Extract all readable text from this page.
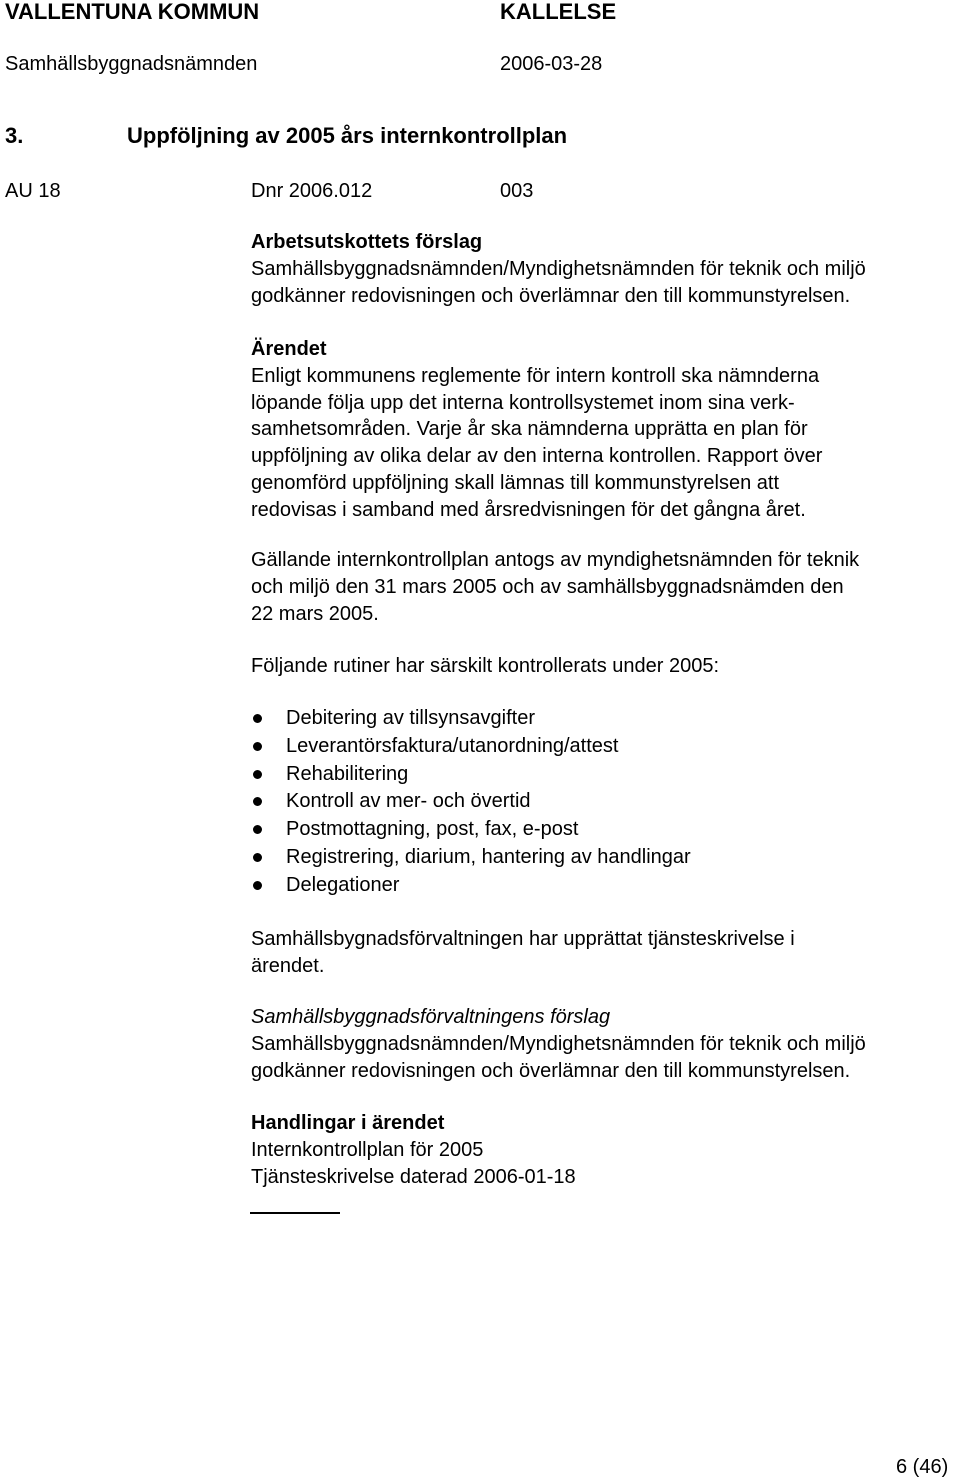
VALLENTUNA KOMMUN	KALLELSE
Samhällsbyggnadsnämnden	2006-03-28
3.	Uppföljning av 2005 års internkontrollplan
AU 18	Dnr 2006.012	003
Arbetsutskottets förslag
Samhällsbyggnadsnämnden/Myndighetsnämnden för teknik och miljö
godkänner redovisningen och överlämnar den till kommunstyrelsen.
Ärendet
Enligt kommunens reglemente för intern kontroll ska nämnderna
löpande följa upp det interna kontrollsystemet inom sina verk-
samhetsområden. Varje år ska nämnderna upprätta en plan för
uppföljning av olika delar av den interna kontrollen. Rapport över
genomförd uppföljning skall lämnas till kommunstyrelsen att
redovisas i samband med årsredvisningen för det gångna året.
Gällande internkontrollplan antogs av myndighetsnämnden för teknik
och miljö den 31 mars 2005 och av samhällsbyggnadsnämden den
22 mars 2005.
Följande rutiner har särskilt kontrollerats under 2005:
Debitering av tillsynsavgifter
Leverantörsfaktura/utanordning/attest
Rehabilitering
Kontroll av mer- och övertid
Postmottagning, post, fax, e-post
Registrering, diarium, hantering av handlingar
Delegationer
Samhällsbygnadsförvaltningen har upprättat tjänsteskrivelse i
ärendet.
Samhällsbyggnadsförvaltningens förslag
Samhällsbyggnadsnämnden/Myndighetsnämnden för teknik och miljö
godkänner redovisningen och överlämnar den till kommunstyrelsen.
Handlingar i ärendet
Internkontrollplan för 2005
Tjänsteskrivelse daterad 2006-01-18
6 (46)
